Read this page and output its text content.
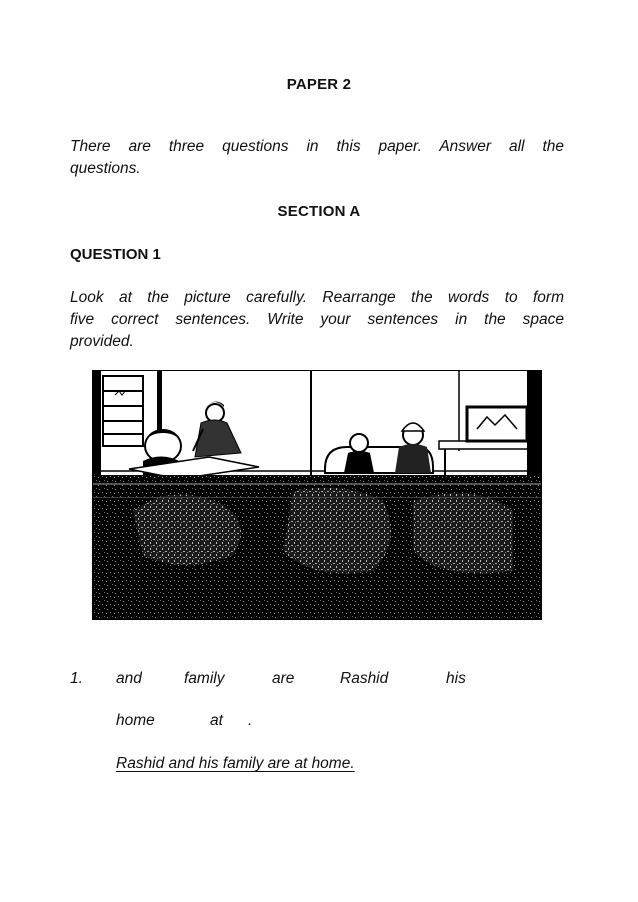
PAPER 2
There are three questions in this paper. Answer all the
questions.
SECTION A
QUESTION 1
Look at the picture carefully. Rearrange the words to form
five correct sentences. Write your sentences in the space
provided.
1. and	family	are	Rashid	his
home	at .
Rashid and his family are at home.
